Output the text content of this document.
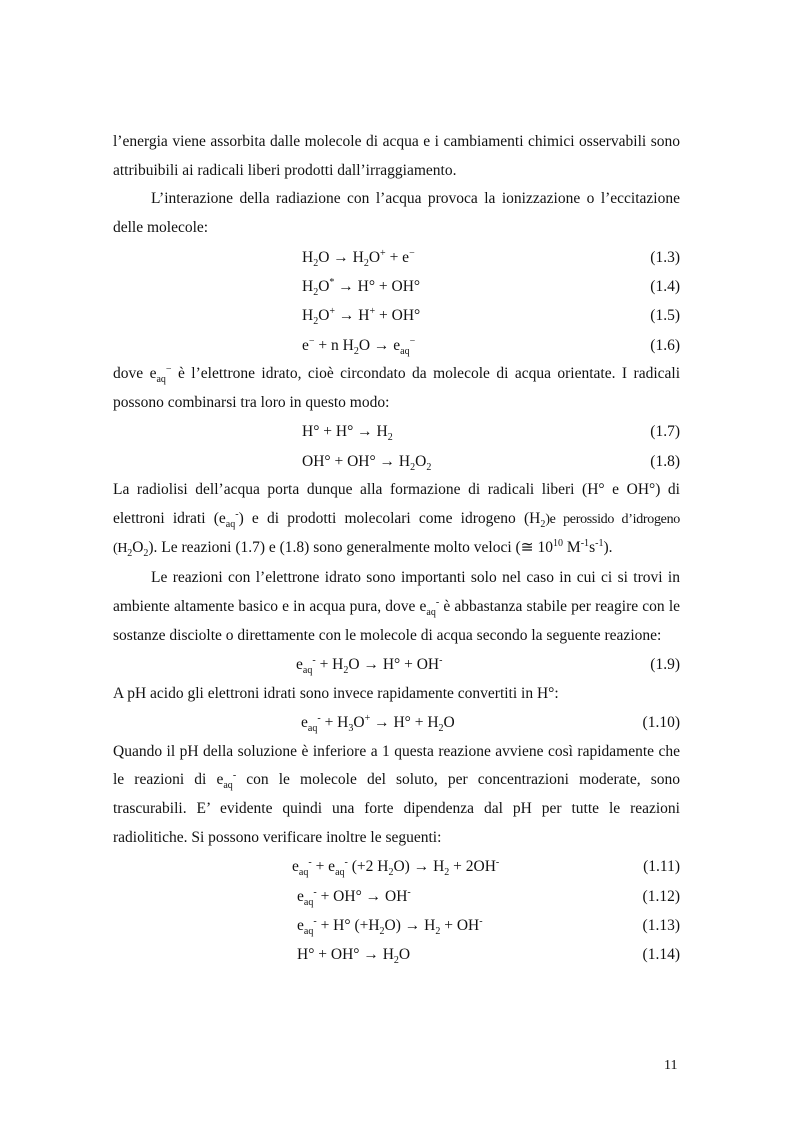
l’energia viene assorbita dalle molecole di acqua e i cambiamenti chimici osservabili sono attribuibili ai radicali liberi prodotti dall’irraggiamento.

L’interazione della radiazione con l’acqua provoca la ionizzazione o l’eccitazione delle molecole:

$H_2O \to H_2O^+ + e^-$	(1.3)
$H_2O^* \to H^\circ + OH^\circ$	(1.4)
$H_2O^+ \to H^+ + OH^\circ$	(1.5)
e− + n $H_2O \to e_{aq}^-$	(1.6)

dove $e_{aq}^-$ è l’elettrone idrato, cioè circondato da molecole di acqua orientate. I radicali possono combinarsi tra loro in questo modo:

$H^\circ + H^\circ \to H_2$	(1.7)
$OH^\circ + OH^\circ \to H_2O_2$	(1.8)

La radiolisi dell’acqua porta dunque alla formazione di radicali liberi (H° e OH°) di elettroni idrati $(e_{aq}^-)$ e di prodotti molecolari come idrogeno $(H_2)e$ perossido d’idrogeno $(H_2O_2)$. Le reazioni (1.7) e (1.8) sono generalmente molto veloci (≅ $10^{10}$ $M^{-1}s^{-1}$).

Le reazioni con l’elettrone idrato sono importanti solo nel caso in cui ci si trovi in ambiente altamente basico e in acqua pura, dove $e_{aq}^-$ è abbastanza stabile per reagire con le sostanze disciolte o direttamente con le molecole di acqua secondo la seguente reazione:

$e_{aq}^- + H_2O \to H^\circ + OH^-$	(1.9)

A pH acido gli elettroni idrati sono invece rapidamente convertiti in H°:

$e_{aq}^- + H_3O^+ \to H^\circ + H_2O$	(1.10)

Quando il pH della soluzione è inferiore a 1 questa reazione avviene così rapidamente che le reazioni di $e_{aq}^-$ con le molecole del soluto, per concentrazioni moderate, sono trascurabili. E’ evidente quindi una forte dipendenza dal pH per tutte le reazioni radiolitiche. Si possono verificare inoltre le seguenti:

$e_{aq}^- + e_{aq}^-$ (+2 $H_2O) \to H_2 + 2OH^-$	(1.11)
$e_{aq}^- + OH^\circ \to OH^-$	(1.12)
$e_{aq}^- + H^\circ$ $(+H_2O) \to H_2 + OH^-$	(1.13)
$H^\circ + OH^\circ \to H_2O$	(1.14)
11
